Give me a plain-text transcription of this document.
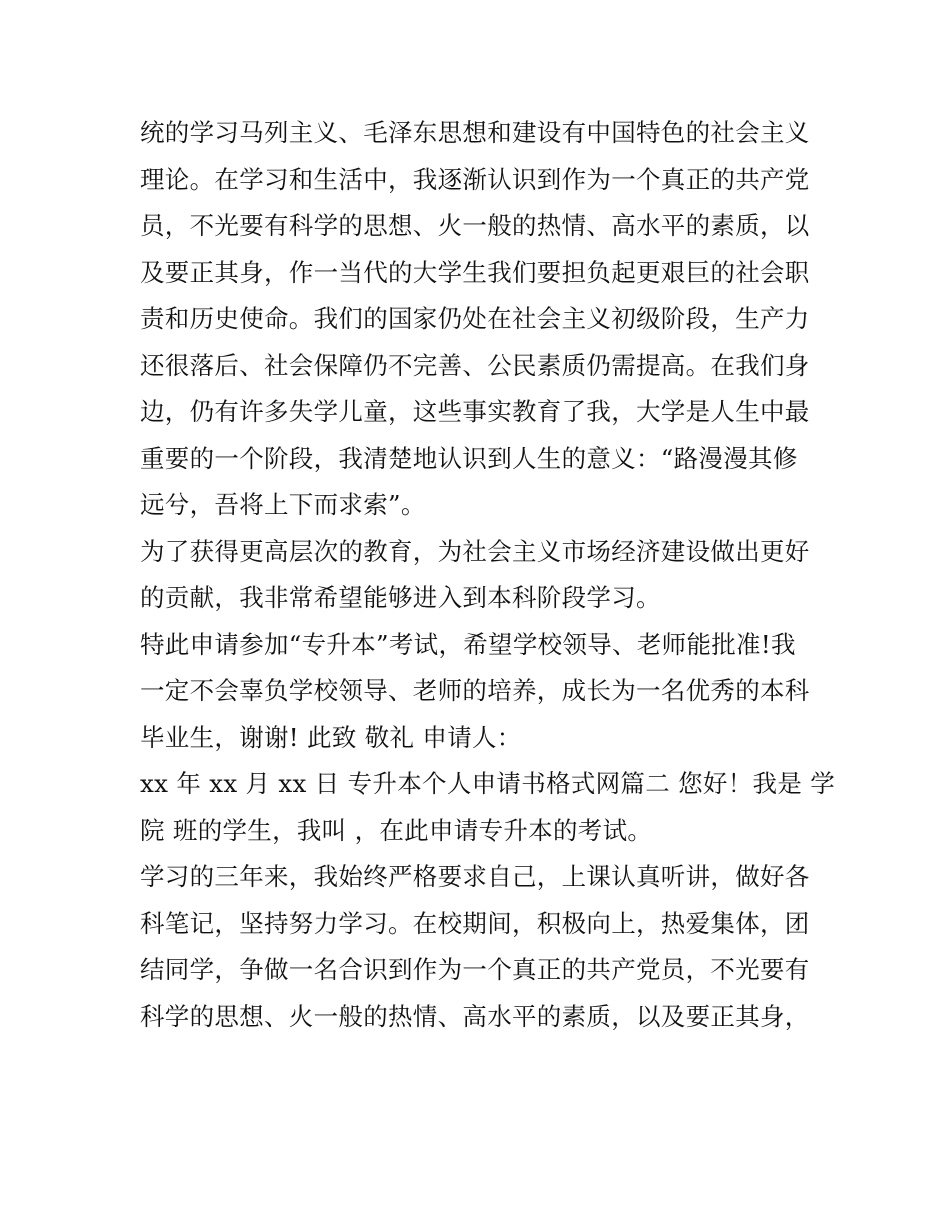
统的学习马列主义、毛泽东思想和建设有中国特色的社会主义
理论。在学习和生活中，我逐渐认识到作为一个真正的共产党
员，不光要有科学的思想、火一般的热情、高水平的素质，以
及要正其身，作一当代的大学生我们要担负起更艰巨的社会职
责和历史使命。我们的国家仍处在社会主义初级阶段，生产力
还很落后、社会保障仍不完善、公民素质仍需提高。在我们身
边，仍有许多失学儿童，这些事实教育了我，大学是人生中最
重要的一个阶段，我清楚地认识到人生的意义：“路漫漫其修
远兮，吾将上下而求索”。
为了获得更高层次的教育，为社会主义市场经济建设做出更好
的贡献，我非常希望能够进入到本科阶段学习。
特此申请参加“专升本”考试，希望学校领导、老师能批准!我
一定不会辜负学校领导、老师的培养，成长为一名优秀的本科
毕业生，谢谢! 此致 敬礼 申请人：
xx 年 xx 月 xx 日 专升本个人申请书格式网篇二 您好！我是 学
院 班的学生，我叫 ，在此申请专升本的考试。
学习的三年来，我始终严格要求自己，上课认真听讲，做好各
科笔记，坚持努力学习。在校期间，积极向上，热爱集体，团
结同学，争做一名合识到作为一个真正的共产党员，不光要有
科学的思想、火一般的热情、高水平的素质，以及要正其身，
